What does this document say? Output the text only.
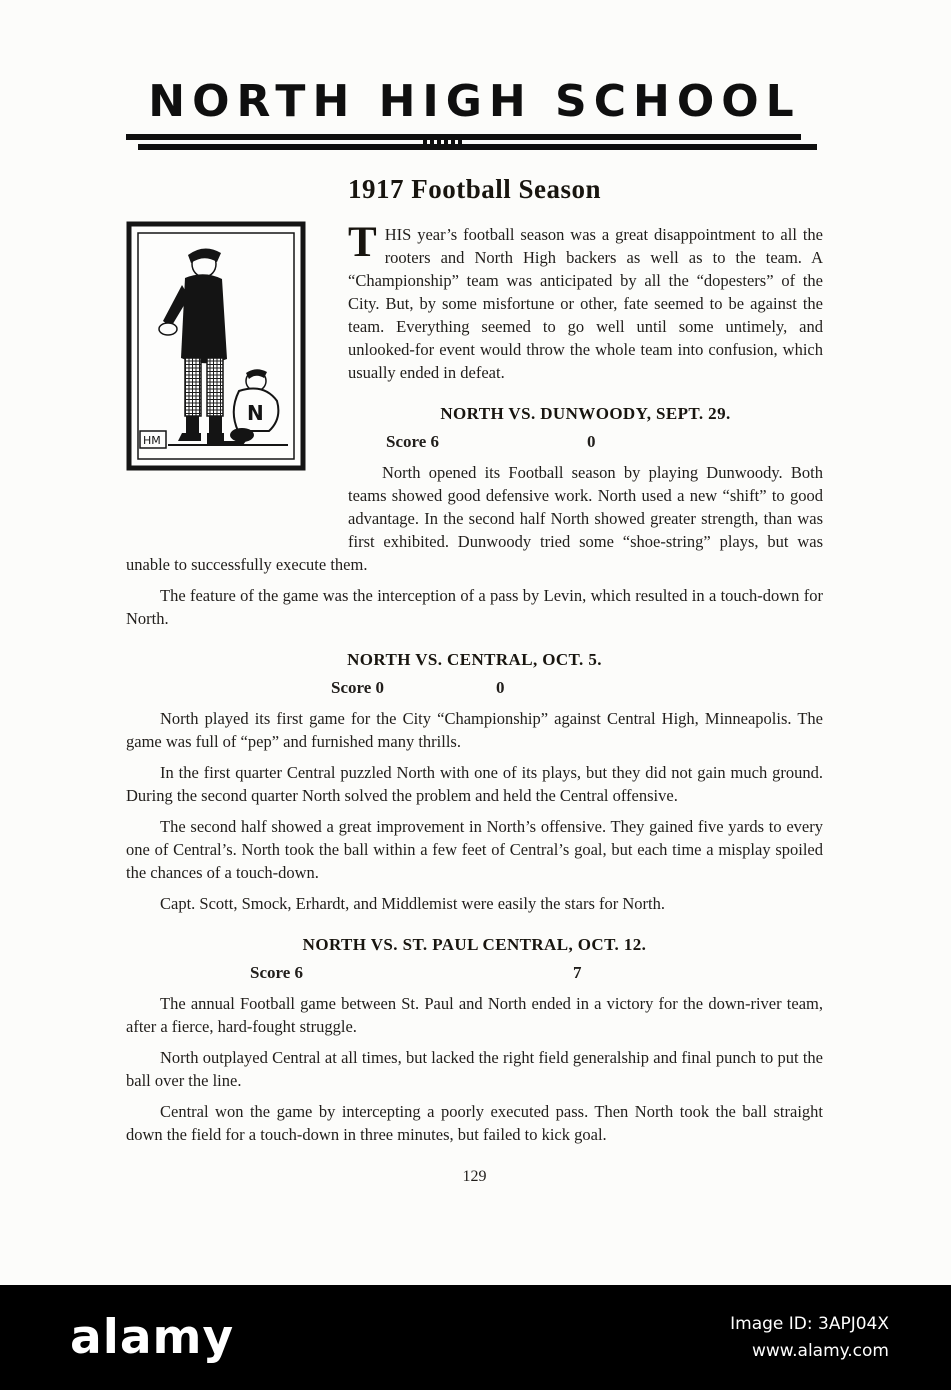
NORTH HIGH SCHOOL
1917 Football Season
N
HM

THIS year’s football season was a great disappointment to all the rooters and North High backers as well as to the team. A “Championship” team was anticipated by all the “dopesters” of the City. But, by some misfortune or other, fate seemed to be against the team. Everything seemed to go well until some untimely, and unlooked-for event would throw the whole team into confusion, which usually ended in defeat.

NORTH VS. DUNWOODY, SEPT. 29.
Score 6	0

North opened its Football season by playing Dunwoody. Both teams showed good defensive work. North used a new “shift” to good advantage. In the second half North showed greater strength, than was first exhibited. Dunwoody tried some “shoe-string” plays, but was unable to successfully execute them.

The feature of the game was the interception of a pass by Levin, which resulted in a touch-down for North.

NORTH VS. CENTRAL, OCT. 5.
Score 0	0

North played its first game for the City “Championship” against Central High, Minneapolis. The game was full of “pep” and furnished many thrills.

In the first quarter Central puzzled North with one of its plays, but they did not gain much ground. During the second quarter North solved the problem and held the Central offensive.

The second half showed a great improvement in North’s offensive. They gained five yards to every one of Central’s. North took the ball within a few feet of Central’s goal, but each time a misplay spoiled the chances of a touch-down.

Capt. Scott, Smock, Erhardt, and Middlemist were easily the stars for North.

NORTH VS. ST. PAUL CENTRAL, OCT. 12.
Score 6	7

The annual Football game between St. Paul and North ended in a victory for the down-river team, after a fierce, hard-fought struggle.

North outplayed Central at all times, but lacked the right field generalship and final punch to put the ball over the line.

Central won the game by intercepting a poorly executed pass. Then North took the ball straight down the field for a touch-down in three minutes, but failed to kick goal.

129
alamy	Image ID: 3APJ04X
www.alamy.com
